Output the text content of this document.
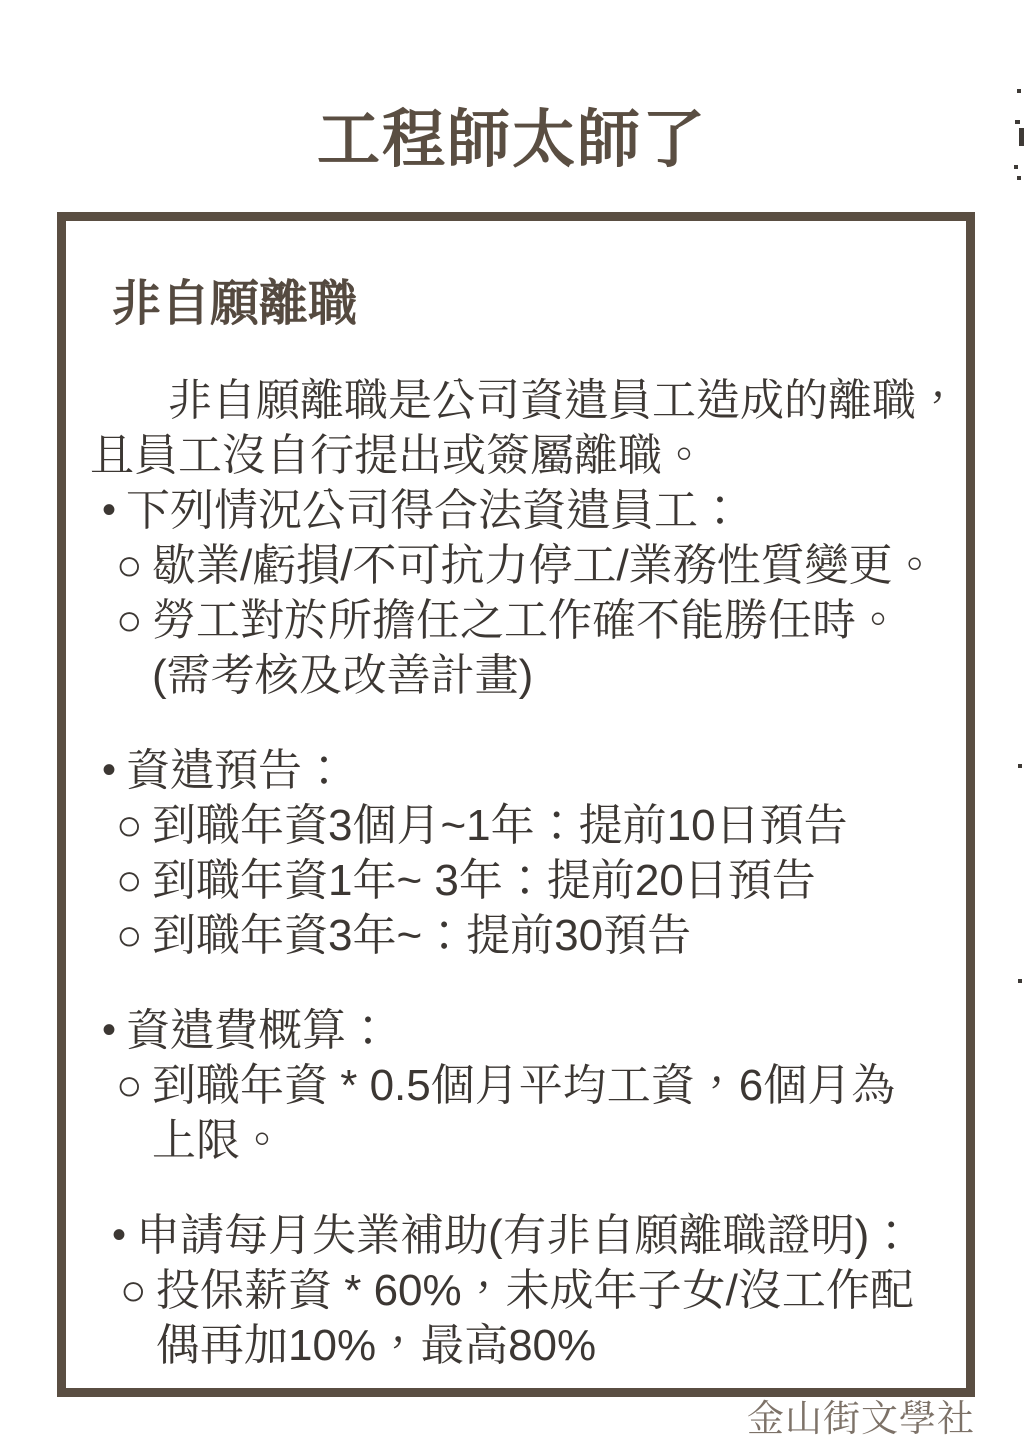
工程師太師了
非自願離職
非自願離職是公司資遣員工造成的離職，
且員工沒自行提出或簽屬離職。
• 下列情況公司得合法資遣員工：
○ 歇業/虧損/不可抗力停工/業務性質變更。
○ 勞工對於所擔任之工作確不能勝任時。
(需考核及改善計畫)
• 資遣預告：
○ 到職年資3個月~1年：提前10日預告
○ 到職年資1年~ 3年：提前20日預告
○ 到職年資3年~：提前30預告
• 資遣費概算：
○ 到職年資 * 0.5個月平均工資，6個月為
上限。
• 申請每月失業補助(有非自願離職證明)：
○ 投保薪資 * 60%，未成年子女/沒工作配
偶再加10%，最高80%
金山街文學社
